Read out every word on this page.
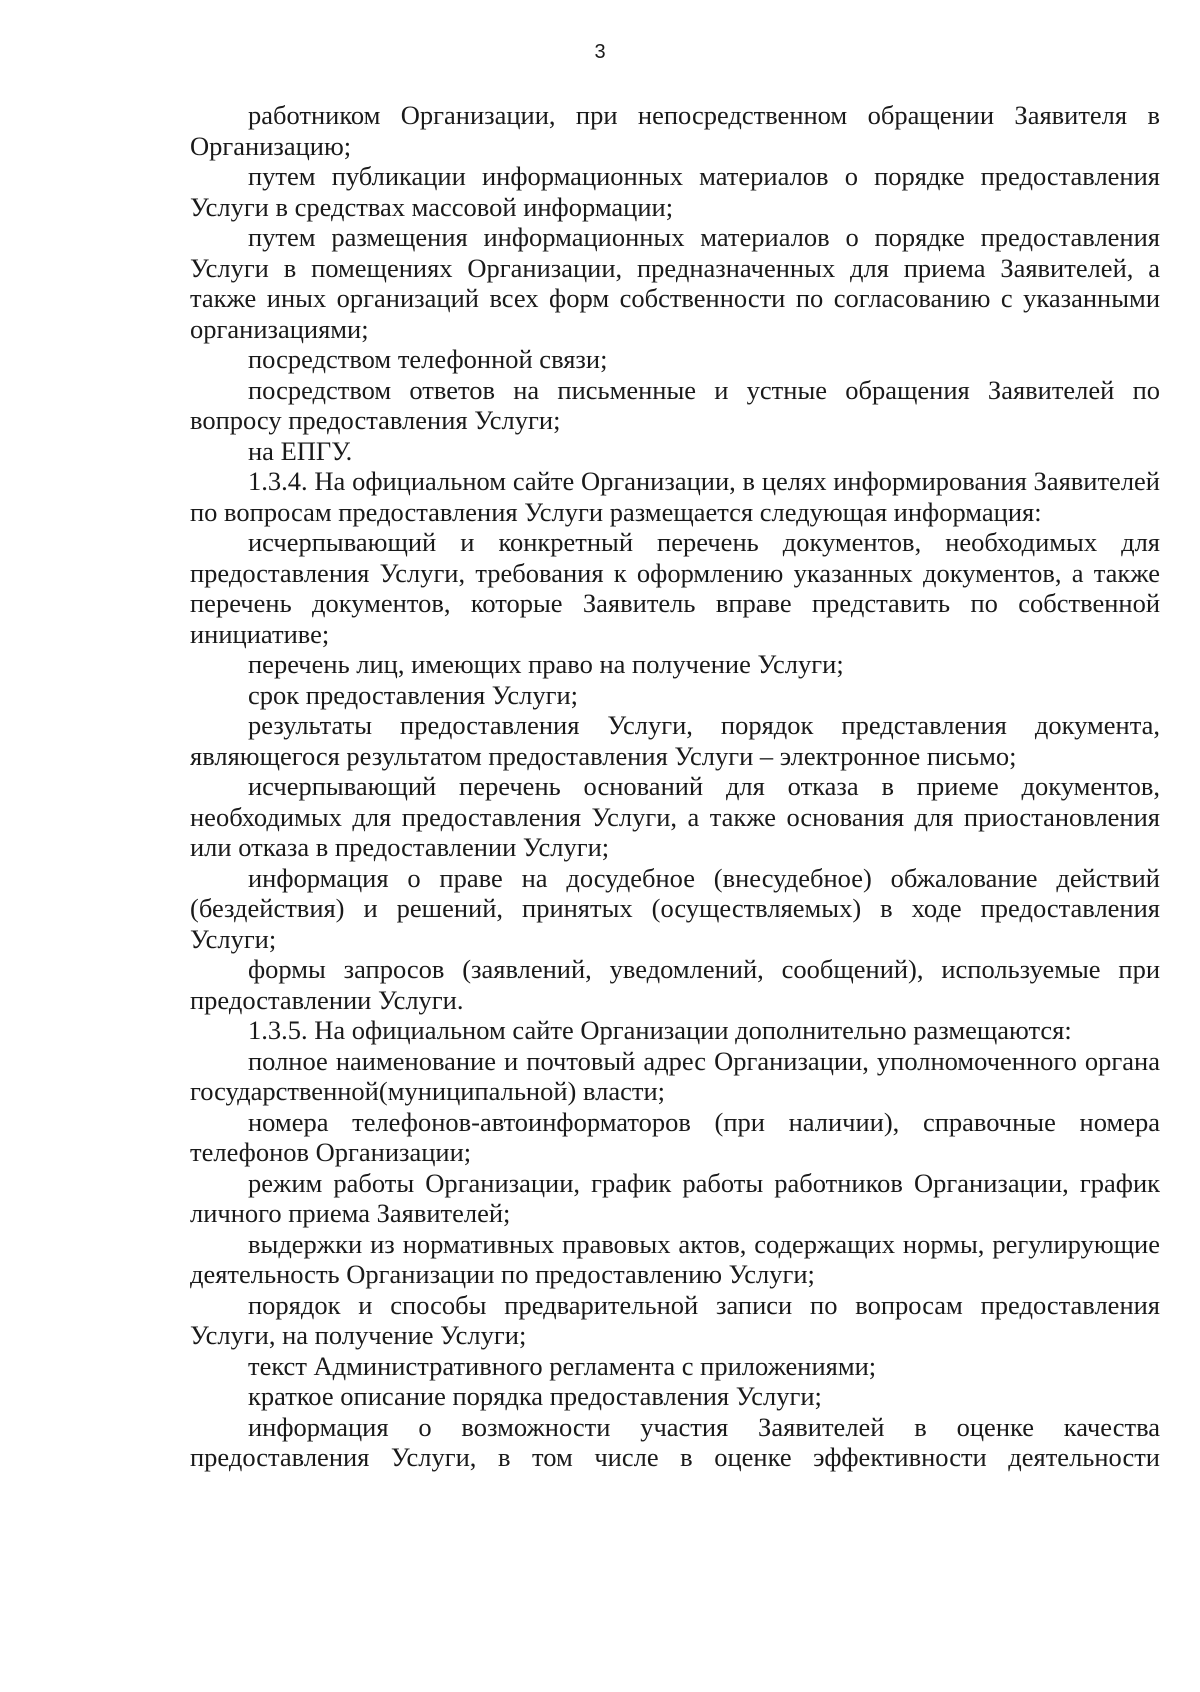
3

работником Организации, при непосредственном обращении Заявителя в Организацию;

путем публикации информационных материалов о порядке предоставления Услуги в средствах массовой информации;

путем размещения информационных материалов о порядке предоставления Услуги в помещениях Организации, предназначенных для приема Заявителей, а также иных организаций всех форм собственности по согласованию с указанными организациями;

посредством телефонной связи;

посредством ответов на письменные и устные обращения Заявителей по вопросу предоставления Услуги;

на ЕПГУ.

1.3.4. На официальном сайте Организации, в целях информирования Заявителей по вопросам предоставления Услуги размещается следующая информация:

исчерпывающий и конкретный перечень документов, необходимых для предоставления Услуги, требования к оформлению указанных документов, а также перечень документов, которые Заявитель вправе представить по собственной инициативе;

перечень лиц, имеющих право на получение Услуги;

срок предоставления Услуги;

результаты предоставления Услуги, порядок представления документа, являющегося результатом предоставления Услуги – электронное письмо;

исчерпывающий перечень оснований для отказа в приеме документов, необходимых для предоставления Услуги, а также основания для приостановления или отказа в предоставлении Услуги;

информация о праве на досудебное (внесудебное) обжалование действий (бездействия) и решений, принятых (осуществляемых) в ходе предоставления Услуги;

формы запросов (заявлений, уведомлений, сообщений), используемые при предоставлении Услуги.

1.3.5. На официальном сайте Организации дополнительно размещаются:

полное наименование и почтовый адрес Организации, уполномоченного органа государственной(муниципальной) власти;

номера телефонов-автоинформаторов (при наличии), справочные номера телефонов Организации;

режим работы Организации, график работы работников Организации, график личного приема Заявителей;

выдержки из нормативных правовых актов, содержащих нормы, регулирующие деятельность Организации по предоставлению Услуги;

порядок и способы предварительной записи по вопросам предоставления Услуги, на получение Услуги;

текст Административного регламента с приложениями;

краткое описание порядка предоставления Услуги;

информация о возможности участия Заявителей в оценке качества предоставления Услуги, в том числе в оценке эффективности деятельности
